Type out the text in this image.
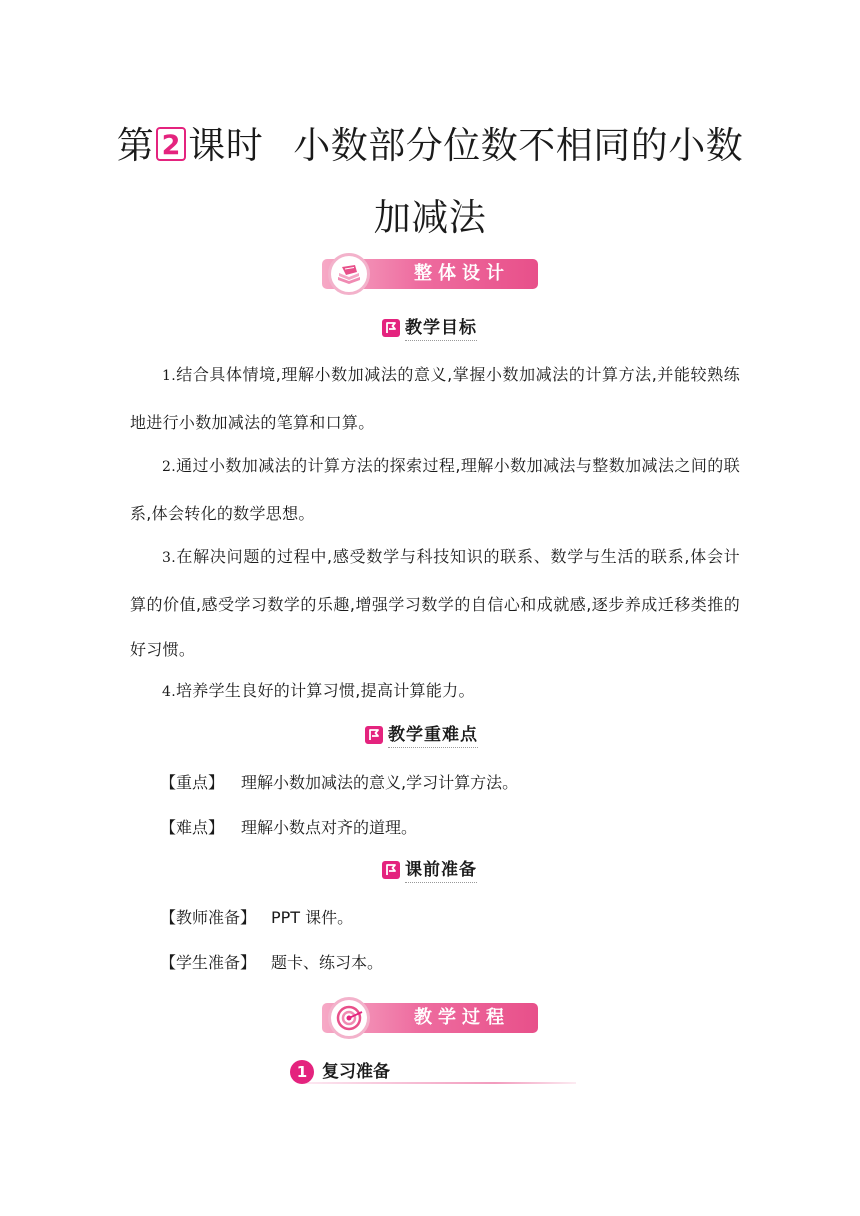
第 2 课时 小数部分位数不相同的小数加减法
整体设计
教学目标

1.结合具体情境,理解小数加减法的意义,掌握小数加减法的计算方法,并能较熟练地进行小数加减法的笔算和口算。

2.通过小数加减法的计算方法的探索过程,理解小数加减法与整数加减法之间的联系,体会转化的数学思想。

3.在解决问题的过程中,感受数学与科技知识的联系、数学与生活的联系,体会计算的价值,感受学习数学的乐趣,增强学习数学的自信心和成就感,逐步养成迁移类推的好习惯。

4.培养学生良好的计算习惯,提高计算能力。

教学重难点
【重点】 理解小数加减法的意义,学习计算方法。
【难点】 理解小数点对齐的道理。
课前准备
【教师准备】 PPT 课件。
【学生准备】 题卡、练习本。
教学过程
1 复习准备
